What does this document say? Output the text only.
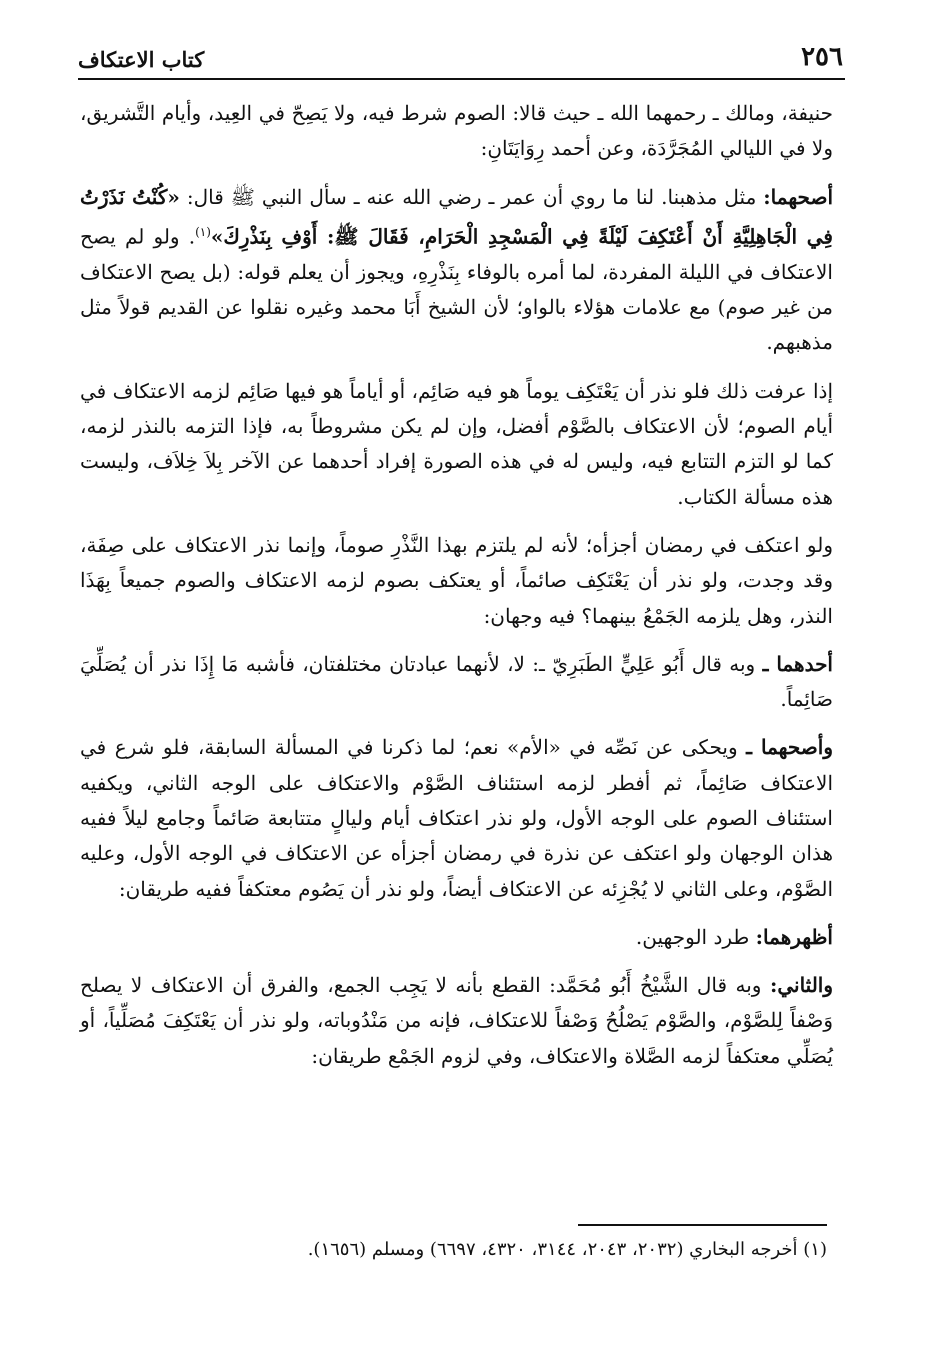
٢٥٦
كتاب الاعتكاف

حنيفة، ومالك ـ رحمهما الله ـ حيث قالا: الصوم شرط فيه، ولا يَصِحّ في العِيد، وأيام التَّشريق، ولا في الليالي المُجَرَّدَة، وعن أحمد رِوَايَتَانِ:

أصحهما: مثل مذهبنا. لنا ما روي أن عمر ـ رضي الله عنه ـ سأل النبي ﷺ قال: «كُنْتُ نَذَرْتُ فِي الْجَاهِلِيَّةِ أَنْ أَعْتَكِفَ لَيْلَةً فِي الْمَسْجِدِ الْحَرَامِ، فَقَالَ ﷺ: أَوْفِ بِنَذْرِكَ»$^{(١)}$. ولو لم يصح الاعتكاف في الليلة المفردة، لما أمره بالوفاء بِنَذْرِهِ، ويجوز أن يعلم قوله: (بل يصح الاعتكاف من غير صوم) مع علامات هؤلاء بالواو؛ لأن الشيخ أَبَا محمد وغيره نقلوا عن القديم قولاً مثل مذهبهم.

إذا عرفت ذلك فلو نذر أن يَعْتَكِف يوماً هو فيه صَائِم، أو أياماً هو فيها صَائِم لزمه الاعتكاف في أيام الصوم؛ لأن الاعتكاف بالصَّوْم أفضل، وإن لم يكن مشروطاً به، فإذا التزمه بالنذر لزمه، كما لو التزم التتابع فيه، وليس له في هذه الصورة إفراد أحدهما عن الآخر بِلاَ خِلاَف، وليست هذه مسألة الكتاب.

ولو اعتكف في رمضان أجزأه؛ لأنه لم يلتزم بهذا النَّذْرِ صوماً، وإنما نذر الاعتكاف على صِفَة، وقد وجدت، ولو نذر أن يَعْتَكِف صائماً، أو يعتكف بصوم لزمه الاعتكاف والصوم جميعاً بِهَذَا النذر، وهل يلزمه الجَمْعُ بينهما؟ فيه وجهان:

أحدهما ـ وبه قال أَبُو عَلِيٍّ الطَبَرِيّ ـ: لا، لأنهما عبادتان مختلفتان، فأشبه مَا إِذَا نذر أن يُصَلِّيَ صَائِماً.

وأصحهما ـ ويحكى عن نَصِّه في «الأم» نعم؛ لما ذكرنا في المسألة السابقة، فلو شرع في الاعتكاف صَائِماً، ثم أفطر لزمه استئناف الصَّوْم والاعتكاف على الوجه الثاني، ويكفيه استئناف الصوم على الوجه الأول، ولو نذر اعتكاف أيام وليالٍ متتابعة صَائماً وجامع ليلاً ففيه هذان الوجهان ولو اعتكف عن نذرة في رمضان أجزأه عن الاعتكاف في الوجه الأول، وعليه الصَّوْم، وعلى الثاني لا يُجْزِئه عن الاعتكاف أيضاً، ولو نذر أن يَصُوم معتكفاً ففيه طريقان:

أظهرهما: طرد الوجهين.

والثاني: وبه قال الشَّيْخُ أَبُو مُحَمَّد: القطع بأنه لا يَجِب الجمع، والفرق أن الاعتكاف لا يصلح وَصْفاً لِلصَّوْم، والصَّوْم يَصْلُحُ وَصْفاً للاعتكاف، فإنه من مَنْدُوباته، ولو نذر أن يَعْتَكِفَ مُصَلِّياً، أو يُصَلِّي معتكفاً لزمه الصَّلاة والاعتكاف، وفي لزوم الجَمْع طريقان:

(١) أخرجه البخاري (٢٠٣٢، ٢٠٤٣، ٣١٤٤، ٤٣٢٠، ٦٦٩٧) ومسلم (١٦٥٦).
